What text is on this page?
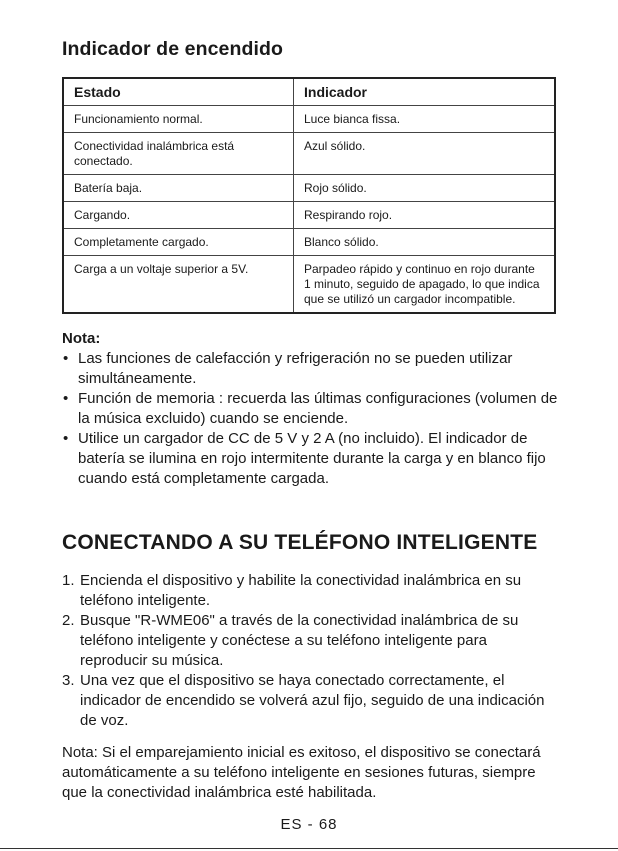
Indicador de encendido
Estado	Indicador
Funcionamiento normal.	Luce bianca fissa.
Conectividad inalámbrica está conectado.	Azul sólido.
Batería baja.	Rojo sólido.
Cargando.	Respirando rojo.
Completamente cargado.	Blanco sólido.
Carga a un voltaje superior a 5V.	Parpadeo rápido y continuo en rojo durante 1 minuto, seguido de apagado, lo que indica que se utilizó un cargador incompatible.
Nota:
• Las funciones de calefacción y refrigeración no se pueden utilizar simultáneamente.
• Función de memoria : recuerda las últimas configuraciones (volumen de la música excluido) cuando se enciende.
• Utilice un cargador de CC de 5 V y 2 A (no incluido). El indicador de batería se ilumina en rojo intermitente durante la carga y en blanco fijo cuando está completamente cargada.
CONECTANDO A SU TELÉFONO INTELIGENTE
1. Encienda el dispositivo y habilite la conectividad inalámbrica en su teléfono inteligente.
2. Busque "R-WME06" a través de la conectividad inalámbrica de su teléfono inteligente y conéctese a su teléfono inteligente para reproducir su música.
3. Una vez que el dispositivo se haya conectado correctamente, el indicador de encendido se volverá azul fijo, seguido de una indicación de voz.
Nota: Si el emparejamiento inicial es exitoso, el dispositivo se conectará automáticamente a su teléfono inteligente en sesiones futuras, siempre que la conectividad inalámbrica esté habilitada.
ES - 68
